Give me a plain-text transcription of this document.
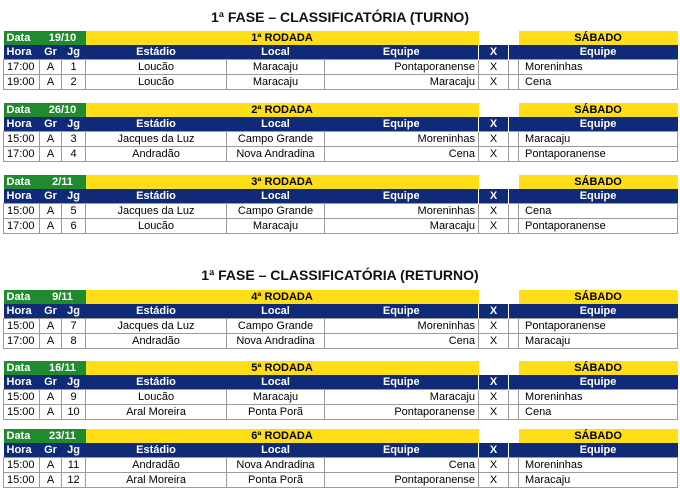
1ª FASE – CLASSIFICATÓRIA (TURNO)
1ª FASE – CLASSIFICATÓRIA (RETURNO)
Data	19/10		1ª RODADA					SÁBADO
Hora	Gr	Jg	Estádio	Local	Equipe	X		Equipe
17:00	A	1	Loucão	Maracaju	Pontaporanense	X		Moreninhas
19:00	A	2	Loucão	Maracaju	Maracaju	X		Cena
Data	26/10		2ª RODADA					SÁBADO
Hora	Gr	Jg	Estádio	Local	Equipe	X		Equipe
15:00	A	3	Jacques da Luz	Campo Grande	Moreninhas	X		Maracaju
17:00	A	4	Andradão	Nova Andradina	Cena	X		Pontaporanense
Data	2/11		3ª RODADA					SÁBADO
Hora	Gr	Jg	Estádio	Local	Equipe	X		Equipe
15:00	A	5	Jacques da Luz	Campo Grande	Moreninhas	X		Cena
17:00	A	6	Loucão	Maracaju	Maracaju	X		Pontaporanense
Data	9/11		4ª RODADA					SÁBADO
Hora	Gr	Jg	Estádio	Local	Equipe	X		Equipe
15:00	A	7	Jacques da Luz	Campo Grande	Moreninhas	X		Pontaporanense
17:00	A	8	Andradão	Nova Andradina	Cena	X		Maracaju
Data	16/11		5ª RODADA					SÁBADO
Hora	Gr	Jg	Estádio	Local	Equipe	X		Equipe
15:00	A	9	Loucão	Maracaju	Maracaju	X		Moreninhas
15:00	A	10	Aral Moreira	Ponta Porã	Pontaporanense	X		Cena
Data	23/11		6ª RODADA					SÁBADO
Hora	Gr	Jg	Estádio	Local	Equipe	X		Equipe
15:00	A	11	Andradão	Nova Andradina	Cena	X		Moreninhas
15:00	A	12	Aral Moreira	Ponta Porã	Pontaporanense	X		Maracaju
